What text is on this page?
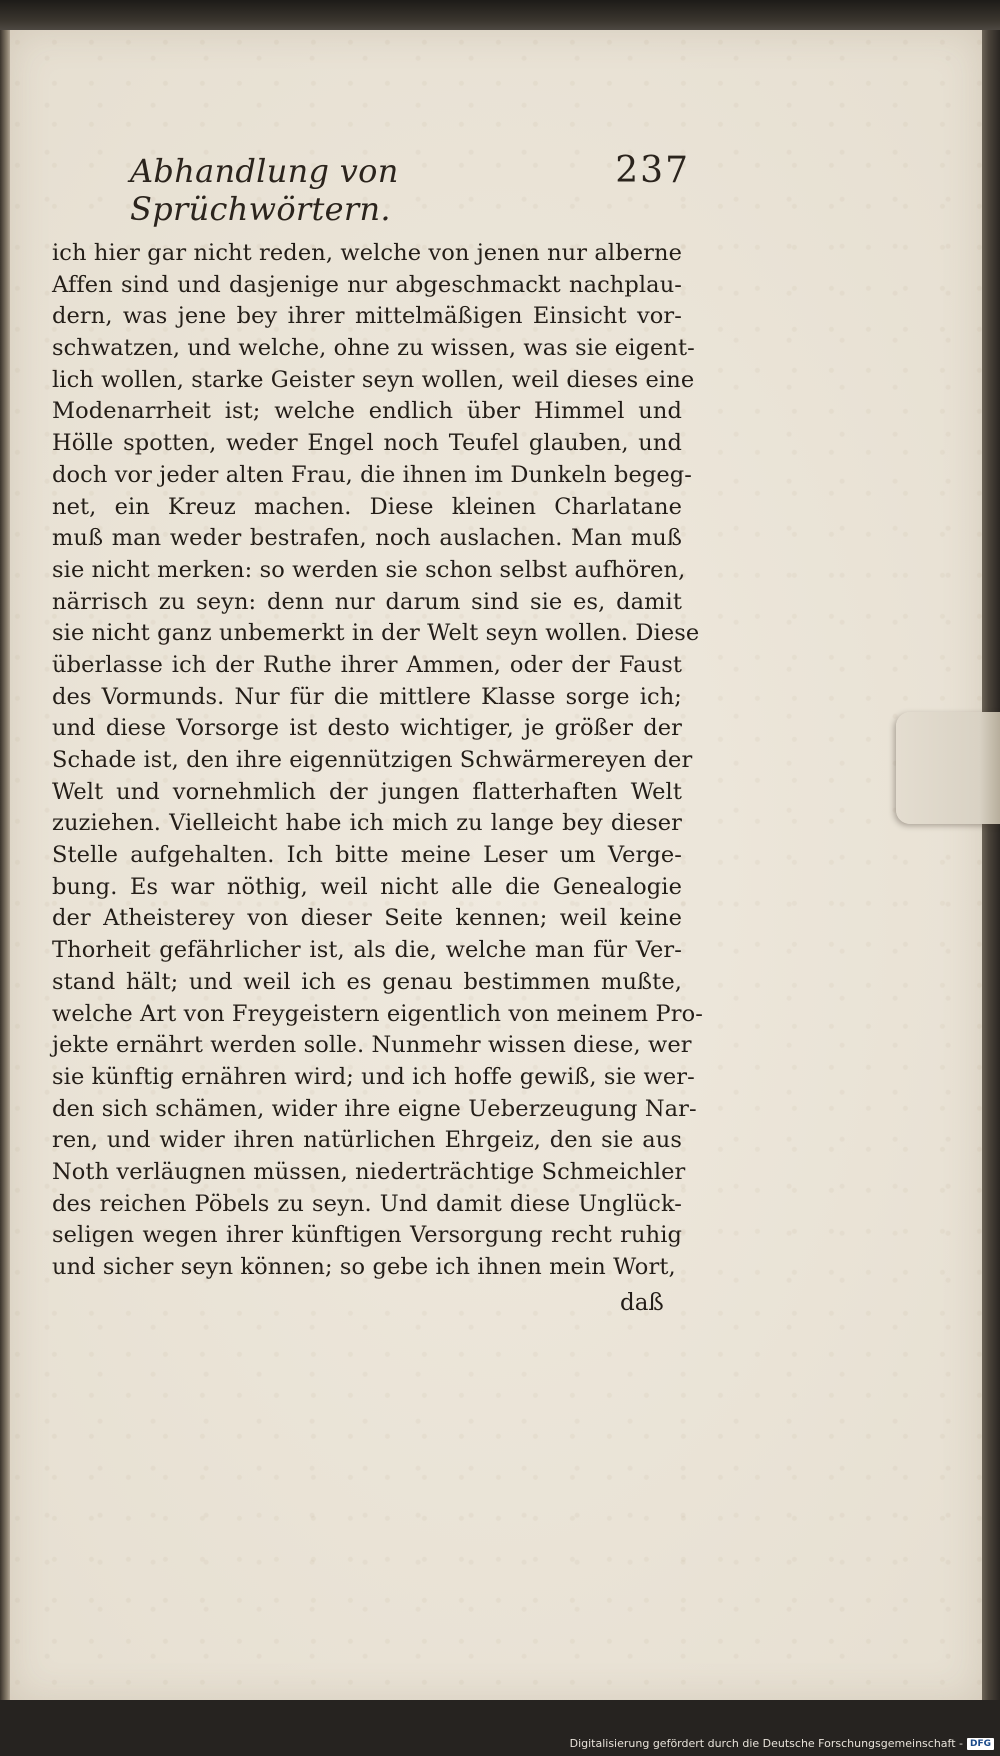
Abhandlung von Sprüchwörtern.
237
ich hier gar nicht reden, welche von jenen nur alberne
Affen sind und dasjenige nur abgeschmackt nachplau-
dern, was jene bey ihrer mittelmäßigen Einsicht vor-
schwatzen, und welche, ohne zu wissen, was sie eigent-
lich wollen, starke Geister seyn wollen, weil dieses eine
Modenarrheit ist; welche endlich über Himmel und
Hölle spotten, weder Engel noch Teufel glauben, und
doch vor jeder alten Frau, die ihnen im Dunkeln begeg-
net, ein Kreuz machen. Diese kleinen Charlatane
muß man weder bestrafen, noch auslachen. Man muß
sie nicht merken: so werden sie schon selbst aufhören,
närrisch zu seyn: denn nur darum sind sie es, damit
sie nicht ganz unbemerkt in der Welt seyn wollen. Diese
überlasse ich der Ruthe ihrer Ammen, oder der Faust
des Vormunds. Nur für die mittlere Klasse sorge ich;
und diese Vorsorge ist desto wichtiger, je größer der
Schade ist, den ihre eigennützigen Schwärmereyen der
Welt und vornehmlich der jungen flatterhaften Welt
zuziehen. Vielleicht habe ich mich zu lange bey dieser
Stelle aufgehalten. Ich bitte meine Leser um Verge-
bung. Es war nöthig, weil nicht alle die Genealogie
der Atheisterey von dieser Seite kennen; weil keine
Thorheit gefährlicher ist, als die, welche man für Ver-
stand hält; und weil ich es genau bestimmen mußte,
welche Art von Freygeistern eigentlich von meinem Pro-
jekte ernährt werden solle. Nunmehr wissen diese, wer
sie künftig ernähren wird; und ich hoffe gewiß, sie wer-
den sich schämen, wider ihre eigne Ueberzeugung Nar-
ren, und wider ihren natürlichen Ehrgeiz, den sie aus
Noth verläugnen müssen, niederträchtige Schmeichler
des reichen Pöbels zu seyn. Und damit diese Unglück-
seligen wegen ihrer künftigen Versorgung recht ruhig
und sicher seyn können; so gebe ich ihnen mein Wort,
daß
Digitalisierung gefördert durch die Deutsche Forschungsgemeinschaft - DFG
